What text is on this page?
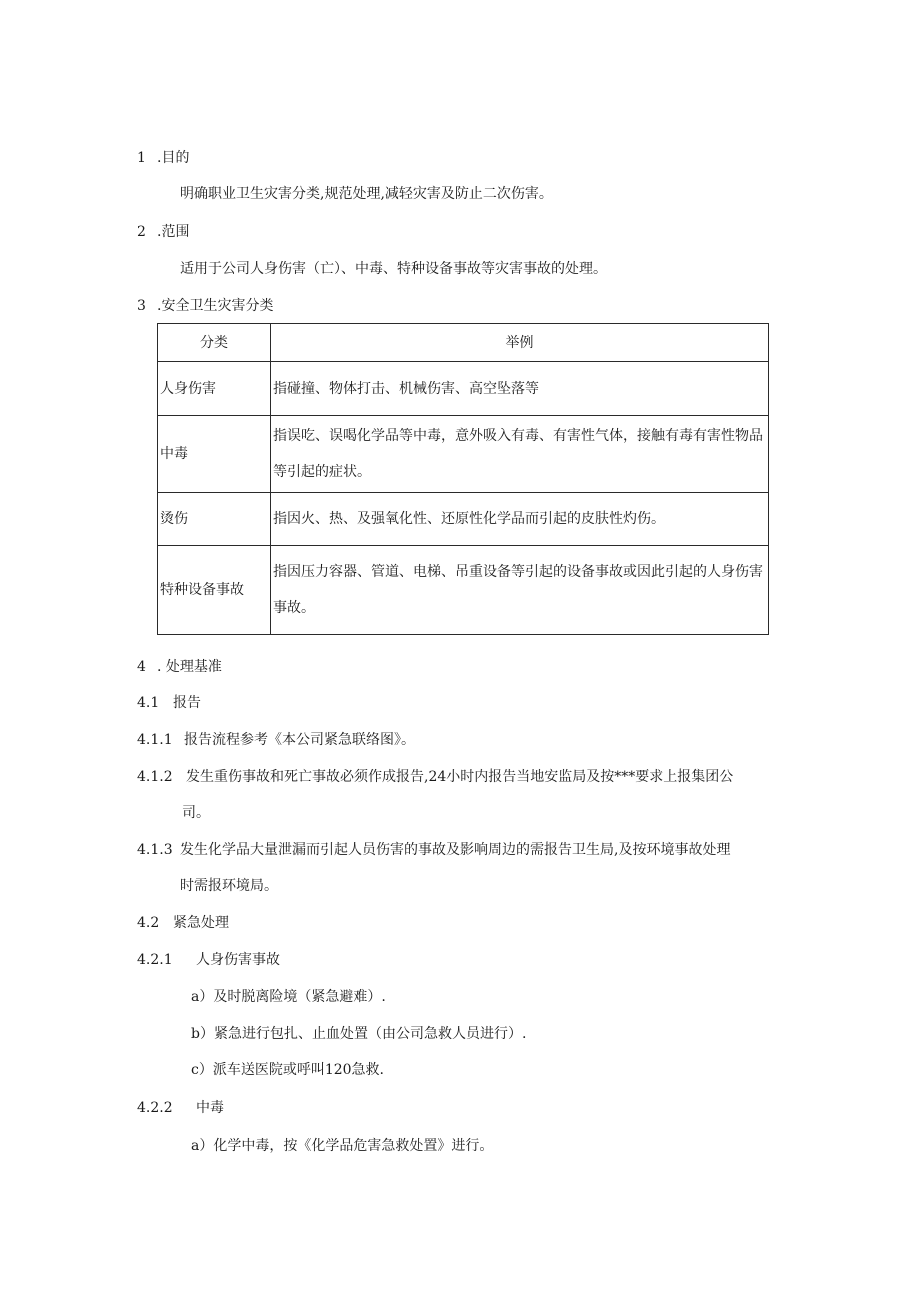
1 .目的
明确职业卫生灾害分类,规范处理,减轻灾害及防止二次伤害。
2 .范围
适用于公司人身伤害（亡）、中毒、特种设备事故等灾害事故的处理。
3 .安全卫生灾害分类
分类	举例
人身伤害	指碰撞、物体打击、机械伤害、高空坠落等
中毒	指误吃、误喝化学品等中毒，意外吸入有毒、有害性气体，接触有毒有害性物品等引起的症状。
烫伤	指因火、热、及强氧化性、还原性化学品而引起的皮肤性灼伤。
特种设备事故	指因压力容器、管道、电梯、吊重设备等引起的设备事故或因此引起的人身伤害事故。
4 . 处理基准
4.1 报告
4.1.1 报告流程参考《本公司紧急联络图》。
4.1.2 发生重伤事故和死亡事故必须作成报告,24小时内报告当地安监局及按***要求上报集团公
司。
4.1.3 发生化学品大量泄漏而引起人员伤害的事故及影响周边的需报告卫生局,及按环境事故处理
时需报环境局。
4.2 紧急处理
4.2.1 人身伤害事故
a）及时脱离险境（紧急避难）.
b）紧急进行包扎、止血处置（由公司急救人员进行）.
c）派车送医院或呼叫120急救.
4.2.2 中毒
a）化学中毒，按《化学品危害急救处置》进行。
